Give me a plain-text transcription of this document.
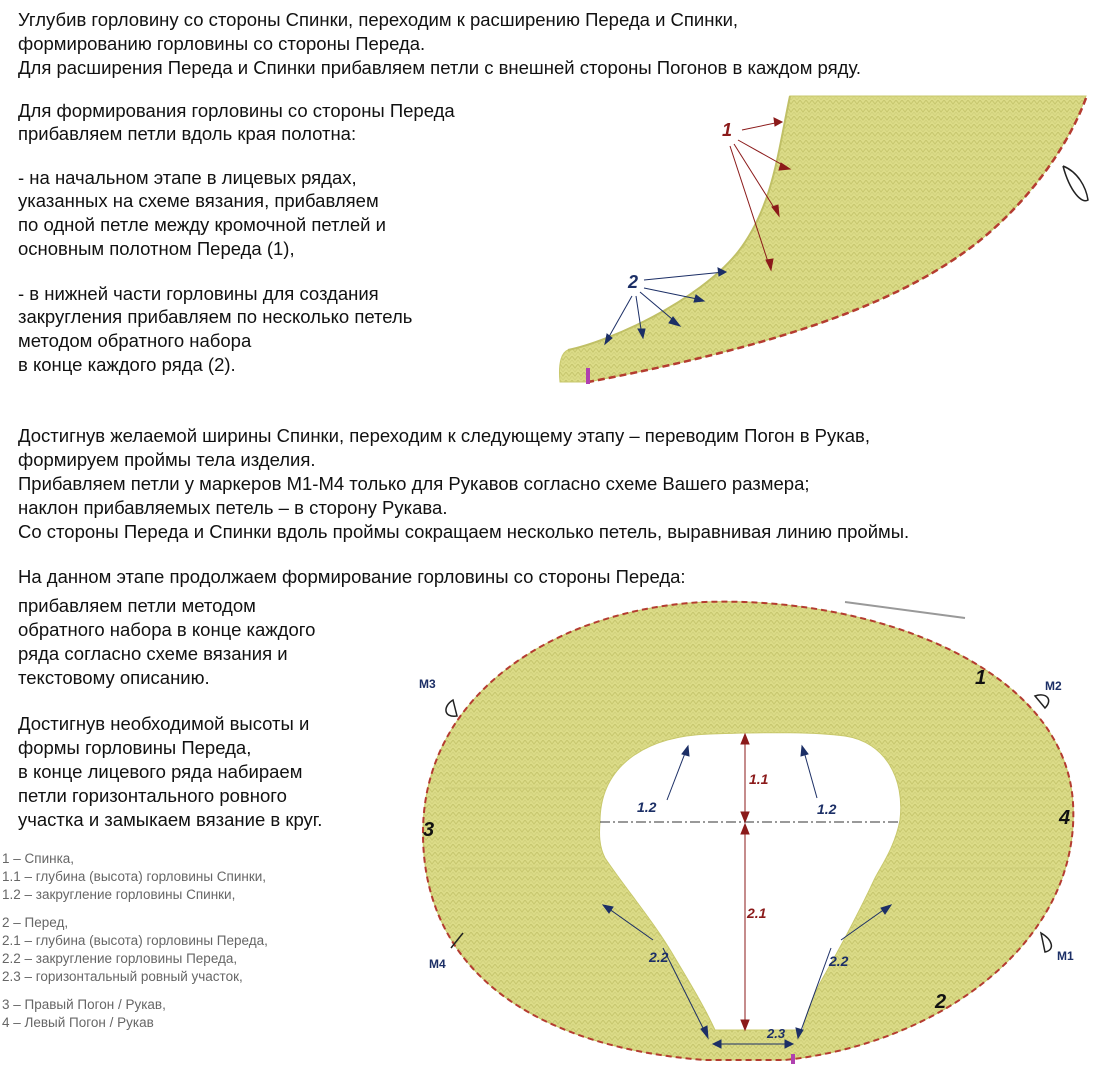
Углубив горловину со стороны Спинки, переходим к расширению Переда и Спинки,

формированию горловины со стороны Переда.

Для расширения Переда и Спинки прибавляем петли с внешней стороны Погонов в каждом ряду.

Для формирования горловины со стороны Переда

прибавляем петли вдоль края полотна:

- на начальном этапе в лицевых рядах,

указанных на схеме вязания, прибавляем

по одной петле между кромочной петлей и

основным полотном Переда (1),

- в нижней части горловины для создания

закругления прибавляем по несколько петель

методом обратного набора

в конце каждого ряда (2).

1
2

Достигнув желаемой ширины Спинки, переходим к следующему этапу – переводим Погон в Рукав,

формируем проймы тела изделия.

Прибавляем петли у маркеров М1-М4 только для Рукавов согласно схеме Вашего размера;

наклон прибавляемых петель – в сторону Рукава.

Со стороны Переда и Спинки вдоль проймы сокращаем несколько петель, выравнивая линию проймы.

На данном этапе продолжаем формирование горловины со стороны Переда:

прибавляем петли методом

обратного набора в конце каждого

ряда согласно схеме вязания и

текстовому описанию.

Достигнув необходимой высоты и

формы горловины Переда,

в конце лицевого ряда набираем

петли горизонтального ровного

участка и замыкаем вязание в круг.

1 – Спинка,

1.1 – глубина (высота) горловины Спинки,

1.2 – закругление горловины Спинки,

2 – Перед,

2.1 – глубина (высота) горловины Переда,

2.2 – закругление горловины Переда,

2.3 – горизонтальный ровный участок,

3 – Правый Погон / Рукав,

4 – Левый Погон / Рукав

M3	M2
M4
M1
1
2
3
4
1.1
1.2	1.2
2.1
2.2	2.2
2.3
